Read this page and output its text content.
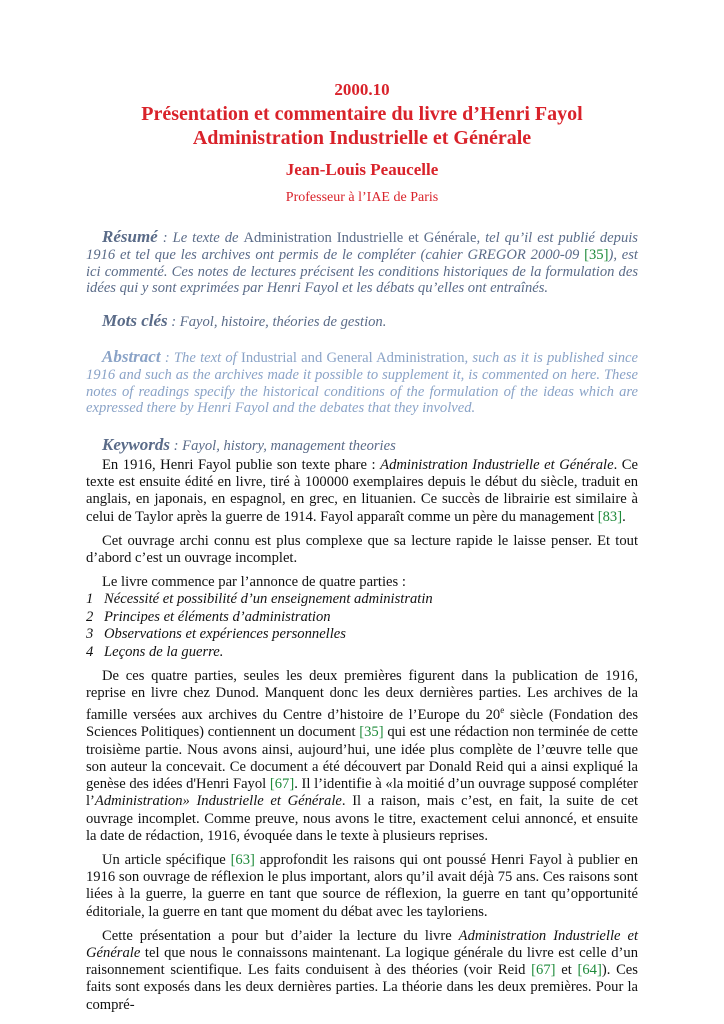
2000.10
Présentation et commentaire du livre d’Henri Fayol
Administration Industrielle et Générale
Jean-Louis Peaucelle
Professeur à l’IAE de Paris
Résumé : Le texte de Administration Industrielle et Générale, tel qu’il est publié depuis 1916 et tel que les archives ont permis de le compléter (cahier GREGOR 2000-09 [35]), est ici commenté. Ces notes de lectures précisent les conditions historiques de la formulation des idées qui y sont exprimées par Henri Fayol et les débats qu’elles ont entraînés.
Mots clés : Fayol, histoire, théories de gestion.
Abstract : The text of Industrial and General Administration, such as it is published since 1916 and such as the archives made it possible to supplement it, is commented on here. These notes of readings specify the historical conditions of the formulation of the ideas which are expressed there by Henri Fayol and the debates that they involved.
Keywords : Fayol, history, management theories

En 1916, Henri Fayol publie son texte phare : Administration Industrielle et Générale. Ce texte est ensuite édité en livre, tiré à 100000 exemplaires depuis le début du siècle, traduit en anglais, en japonais, en espagnol, en grec, en lituanien. Ce succès de librairie est similaire à celui de Taylor après la guerre de 1914. Fayol apparaît comme un père du management [83].

Cet ouvrage archi connu est plus complexe que sa lecture rapide le laisse penser. Et tout d’abord c’est un ouvrage incomplet.

Le livre commence par l’annonce de quatre parties :

1 Nécessité et possibilité d’un enseignement administratin
2 Principes et éléments d’administration
3 Observations et expériences personnelles
4 Leçons de la guerre.

De ces quatre parties, seules les deux premières figurent dans la publication de 1916, reprise en livre chez Dunod. Manquent donc les deux dernières parties. Les archives de la famille versées aux archives du Centre d’histoire de l’Europe du 20e siècle (Fondation des Sciences Politiques) contiennent un document [35] qui est une rédaction non terminée de cette troisième partie. Nous avons ainsi, aujourd’hui, une idée plus complète de l’œuvre telle que son auteur la concevait. Ce document a été découvert par Donald Reid qui a ainsi expliqué la genèse des idées d'Henri Fayol [67]. Il l’identifie à «la moitié d’un ouvrage supposé compléter l’Administration» Industrielle et Générale. Il a raison, mais c’est, en fait, la suite de cet ouvrage incomplet. Comme preuve, nous avons le titre, exactement celui annoncé, et ensuite la date de rédaction, 1916, évoquée dans le texte à plusieurs reprises.

Un article spécifique [63] approfondit les raisons qui ont poussé Henri Fayol à publier en 1916 son ouvrage de réflexion le plus important, alors qu’il avait déjà 75 ans. Ces raisons sont liées à la guerre, la guerre en tant que source de réflexion, la guerre en tant qu’opportunité éditoriale, la guerre en tant que moment du débat avec les tayloriens.

Cette présentation a pour but d’aider la lecture du livre Administration Industrielle et Générale tel que nous le connaissons maintenant. La logique générale du livre est celle d’un raisonnement scientifique. Les faits conduisent à des théories (voir Reid [67] et [64]). Ces faits sont exposés dans les deux dernières parties. La théorie dans les deux premières. Pour la compré-
